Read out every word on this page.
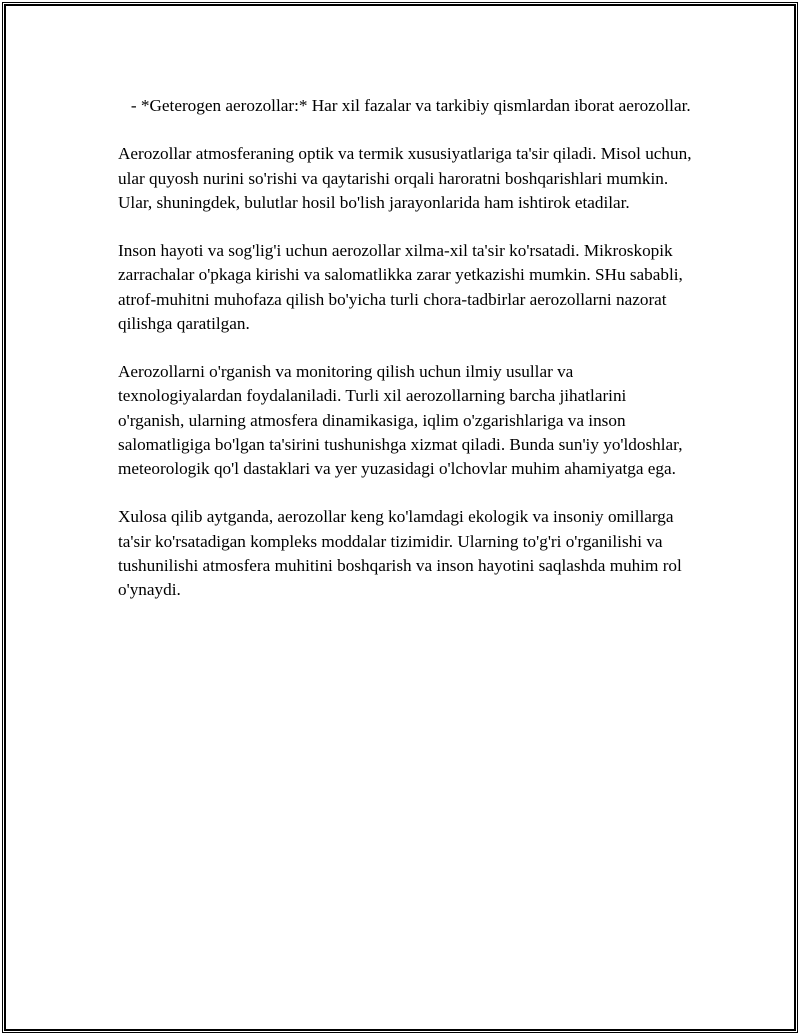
- *Geterogen aerozollar:* Har xil fazalar va tarkibiy qismlardan iborat aerozollar.

Aerozollar atmosferaning optik va termik xususiyatlariga ta'sir qiladi. Misol uchun, ular quyosh nurini so'rishi va qaytarishi orqali haroratni boshqarishlari mumkin. Ular, shuningdek, bulutlar hosil bo'lish jarayonlarida ham ishtirok etadilar.

Inson hayoti va sog'lig'i uchun aerozollar xilma-xil ta'sir ko'rsatadi. Mikroskopik zarrachalar o'pkaga kirishi va salomatlikka zarar yetkazishi mumkin. SHu sababli, atrof-muhitni muhofaza qilish bo'yicha turli chora-tadbirlar aerozollarni nazorat qilishga qaratilgan.

Aerozollarni o'rganish va monitoring qilish uchun ilmiy usullar va texnologiyalardan foydalaniladi. Turli xil aerozollarning barcha jihatlarini o'rganish, ularning atmosfera dinamikasiga, iqlim o'zgarishlariga va inson salomatligiga bo'lgan ta'sirini tushunishga xizmat qiladi. Bunda sun'iy yo'ldoshlar, meteorologik qo'l dastaklari va yer yuzasidagi o'lchovlar muhim ahamiyatga ega.

Xulosa qilib aytganda, aerozollar keng ko'lamdagi ekologik va insoniy omillarga ta'sir ko'rsatadigan kompleks moddalar tizimidir. Ularning to'g'ri o'rganilishi va tushunilishi atmosfera muhitini boshqarish va inson hayotini saqlashda muhim rol o'ynaydi.
